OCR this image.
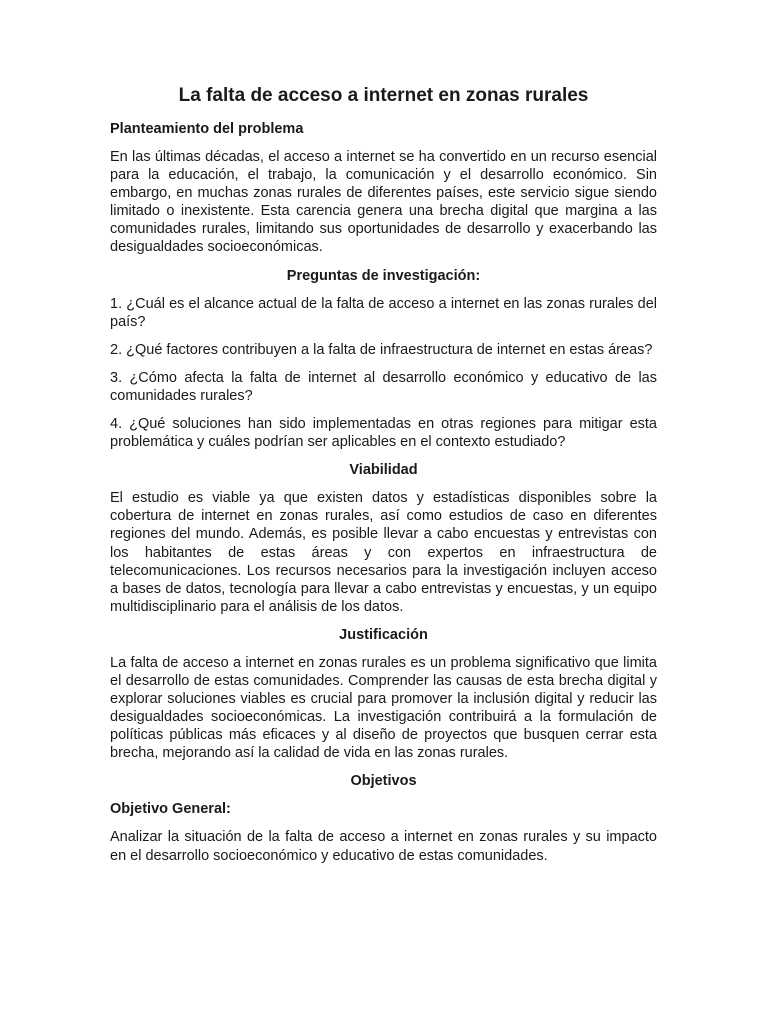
La falta de acceso a internet en zonas rurales
Planteamiento del problema

En las últimas décadas, el acceso a internet se ha convertido en un recurso esencial para la educación, el trabajo, la comunicación y el desarrollo económico. Sin embargo, en muchas zonas rurales de diferentes países, este servicio sigue siendo limitado o inexistente. Esta carencia genera una brecha digital que margina a las comunidades rurales, limitando sus oportunidades de desarrollo y exacerbando las desigualdades socioeconómicas.

Preguntas de investigación:

1. ¿Cuál es el alcance actual de la falta de acceso a internet en las zonas rurales del país?

2. ¿Qué factores contribuyen a la falta de infraestructura de internet en estas áreas?

3. ¿Cómo afecta la falta de internet al desarrollo económico y educativo de las comunidades rurales?

4. ¿Qué soluciones han sido implementadas en otras regiones para mitigar esta problemática y cuáles podrían ser aplicables en el contexto estudiado?

Viabilidad

El estudio es viable ya que existen datos y estadísticas disponibles sobre la cobertura de internet en zonas rurales, así como estudios de caso en diferentes regiones del mundo. Además, es posible llevar a cabo encuestas y entrevistas con los habitantes de estas áreas y con expertos en infraestructura de telecomunicaciones. Los recursos necesarios para la investigación incluyen acceso a bases de datos, tecnología para llevar a cabo entrevistas y encuestas, y un equipo multidisciplinario para el análisis de los datos.

Justificación

La falta de acceso a internet en zonas rurales es un problema significativo que limita el desarrollo de estas comunidades. Comprender las causas de esta brecha digital y explorar soluciones viables es crucial para promover la inclusión digital y reducir las desigualdades socioeconómicas. La investigación contribuirá a la formulación de políticas públicas más eficaces y al diseño de proyectos que busquen cerrar esta brecha, mejorando así la calidad de vida en las zonas rurales.

Objetivos
Objetivo General:

Analizar la situación de la falta de acceso a internet en zonas rurales y su impacto en el desarrollo socioeconómico y educativo de estas comunidades.
